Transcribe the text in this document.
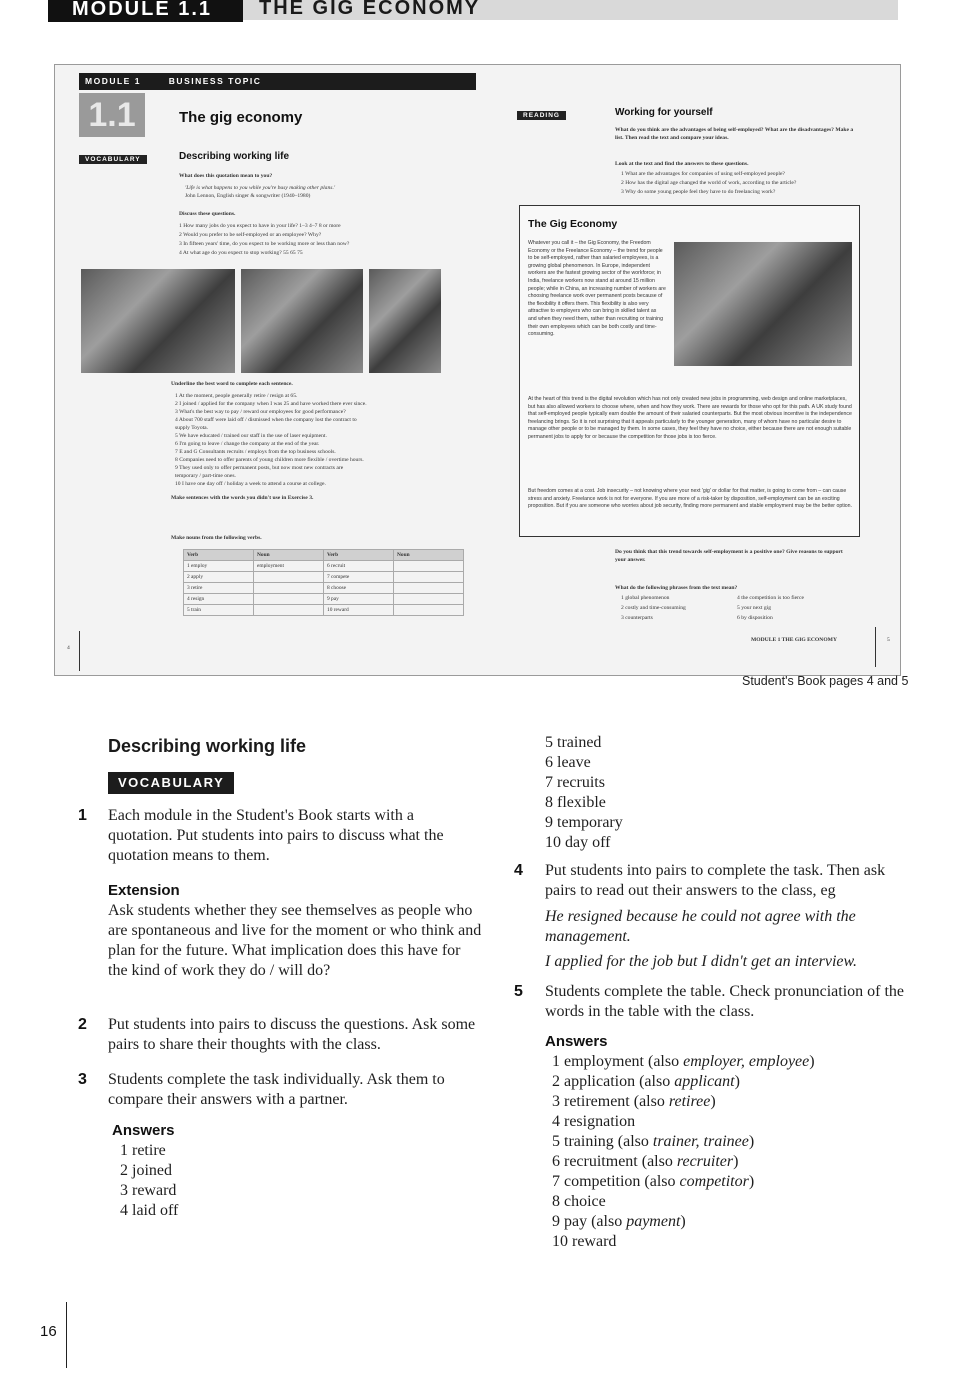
MODULE 1.1	THE GIG ECONOMY
MODULE 1	BUSINESS TOPIC
1.1	The gig economy
VOCABULARY	Describing working life
What does this quotation mean to you?
'Life is what happens to you while you're busy making other plans.'
John Lennon, English singer & songwriter (1940–1980)
Discuss these questions.
1 How many jobs do you expect to have in your life? 1–3 4–7 8 or more
2 Would you prefer to be self-employed or an employee? Why?
3 In fifteen years' time, do you expect to be working more or less than now?
4 At what age do you expect to stop working? 55 65 75
Underline the best word to complete each sentence.
1 At the moment, people generally retire / resign at 65.
2 I joined / applied for the company when I was 25 and have worked there ever since.
3 What's the best way to pay / reward our employees for good performance?
4 About 700 staff were laid off / dismissed when the company lost the contract to
supply Toyota.
5 We have educated / trained our staff in the use of laser equipment.
6 I'm going to leave / change the company at the end of the year.
7 E and G Consultants recruits / employs from the top business schools.
8 Companies need to offer parents of young children more flexible / overtime hours.
9 They used only to offer permanent posts, but now most new contracts are
temporary / part-time ones.
10 I have one day off / holiday a week to attend a course at college.
Make sentences with the words you didn't use in Exercise 3.
Make nouns from the following verbs.
Verb	Noun	Verb	Noun
1 employ	employment	6 recruit	
2 apply		7 compete	
3 retire		8 choose	
4 resign		9 pay	
5 train		10 reward	
READING	Working for yourself
What do you think are the advantages of being self-employed? What are the disadvantages? Make a list. Then read the text and compare your ideas.
Look at the text and find the answers to these questions.
1 What are the advantages for companies of using self-employed people?
2 How has the digital age changed the world of work, according to the article?
3 Why do some young people feel they have to do freelancing work?
The Gig Economy
Whatever you call it – the Gig Economy, the Freedom Economy or the Freelance Economy – the trend for people to be self-employed, rather than salaried employees, is a growing global phenomenon. In Europe, independent workers are the fastest growing sector of the workforce; in India, freelance workers now stand at around 15 million people; while in China, an increasing number of workers are choosing freelance work over permanent posts because of the flexibility it offers them. This flexibility is also very attractive to employers who can bring in skilled talent as and when they need them, rather than recruiting or training their own employees which can be both costly and time-consuming.
At the heart of this trend is the digital revolution which has not only created new jobs in programming, web design and online marketplaces, but has also allowed workers to choose where, when and how they work. There are rewards for those who opt for this path. A UK study found that self-employed people typically earn double the amount of their salaried counterparts. But the most obvious incentive is the independence freelancing brings. So it is not surprising that it appeals particularly to the younger generation, many of whom have no particular desire to manage other people or to be managed by them. In some cases, they feel they have no choice, either because there are not enough suitable permanent jobs to apply for or because the competition for those jobs is too fierce.
But freedom comes at a cost. Job insecurity – not knowing where your next 'gig' or dollar for that matter, is going to come from – can cause stress and anxiety. Freelance work is not for everyone. If you are more of a risk-taker by disposition, self-employment can be an exciting proposition. But if you are someone who worries about job security, finding more permanent and stable employment may be the better option.
Do you think that this trend towards self-employment is a positive one? Give reasons to support your answer.
What do the following phrases from the text mean?
1 global phenomenon
2 costly and time-consuming
3 counterparts
4 the competition is too fierce
5 your next gig
6 by disposition
4
MODULE 1 THE GIG ECONOMY	5
Student's Book pages 4 and 5
Describing working life
VOCABULARY
1 Each module in the Student's Book starts with a quotation. Put students into pairs to discuss what the quotation means to them.
Extension
Ask students whether they see themselves as people who are spontaneous and live for the moment or who think and plan for the future. What implication does this have for the kind of work they do / will do?
2 Put students into pairs to discuss the questions. Ask some pairs to share their thoughts with the class.
3 Students complete the task individually. Ask them to compare their answers with a partner.
Answers
1 retire
2 joined
3 reward
4 laid off
5 trained
6 leave
7 recruits
8 flexible
9 temporary
10 day off
4 Put students into pairs to complete the task. Then ask pairs to read out their answers to the class, eg
He resigned because he could not agree with the management.
I applied for the job but I didn't get an interview.
5 Students complete the table. Check pronunciation of the words in the table with the class.
Answers
1 employment (also employer, employee)
2 application (also applicant)
3 retirement (also retiree)
4 resignation
5 training (also trainer, trainee)
6 recruitment (also recruiter)
7 competition (also competitor)
8 choice
9 pay (also payment)
10 reward
16
